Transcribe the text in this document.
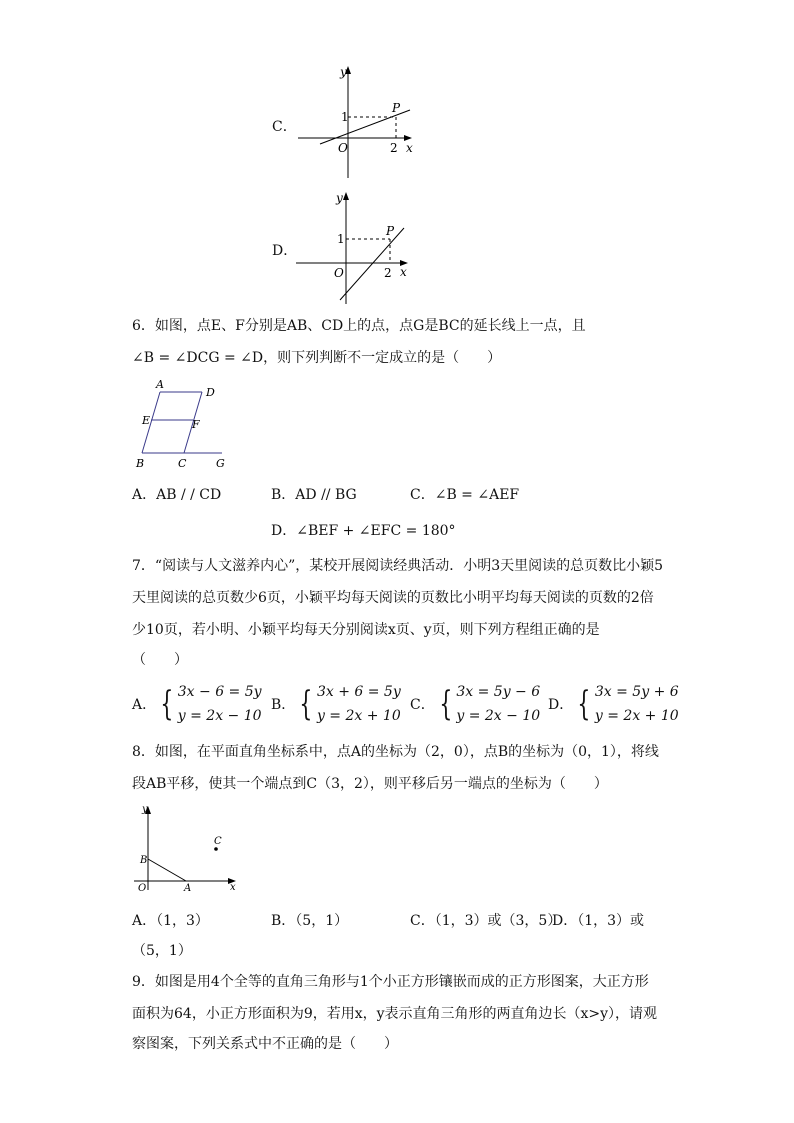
C．
y
x
O
1
2
P
D．
y
x
O
1
2
P
6．如图，点E、F分别是AB、CD上的点，点G是BC的延长线上一点，且
∠B = ∠DCG = ∠D，则下列判断不一定成立的是（　　）
A
D
E	F
B	C	G
A．AB / / CD	B．AD // BG	C．∠B = ∠AEF
D．∠BEF + ∠EFC = 180°
7．“阅读与人文滋养内心”，某校开展阅读经典活动．小明3天里阅读的总页数比小颖5
天里阅读的总页数少6页，小颖平均每天阅读的页数比小明平均每天阅读的页数的2倍
少10页，若小明、小颖平均每天分别阅读x页、y页，则下列方程组正确的是
（　　）
A． { 3x − 6 = 5y
y = 2x − 10
B． { 3x + 6 = 5y
y = 2x + 10
C． { 3x = 5y − 6
y = 2x − 10
D． { 3x = 5y + 6
y = 2x + 10
8．如图，在平面直角坐标系中，点A的坐标为（2，0），点B的坐标为（0，1），将线
段AB平移，使其一个端点到C（3，2），则平移后另一端点的坐标为（　　）
y
x
O	A
B
C
A．（1，3）	B．（5，1）	C．（1，3）或（3，5）
D．（1，3）或
（5，1）
9．如图是用4个全等的直角三角形与1个小正方形镶嵌而成的正方形图案，大正方形
面积为64，小正方形面积为9，若用x，y表示直角三角形的两直角边长（x>y），请观
察图案，下列关系式中不正确的是（　　）
